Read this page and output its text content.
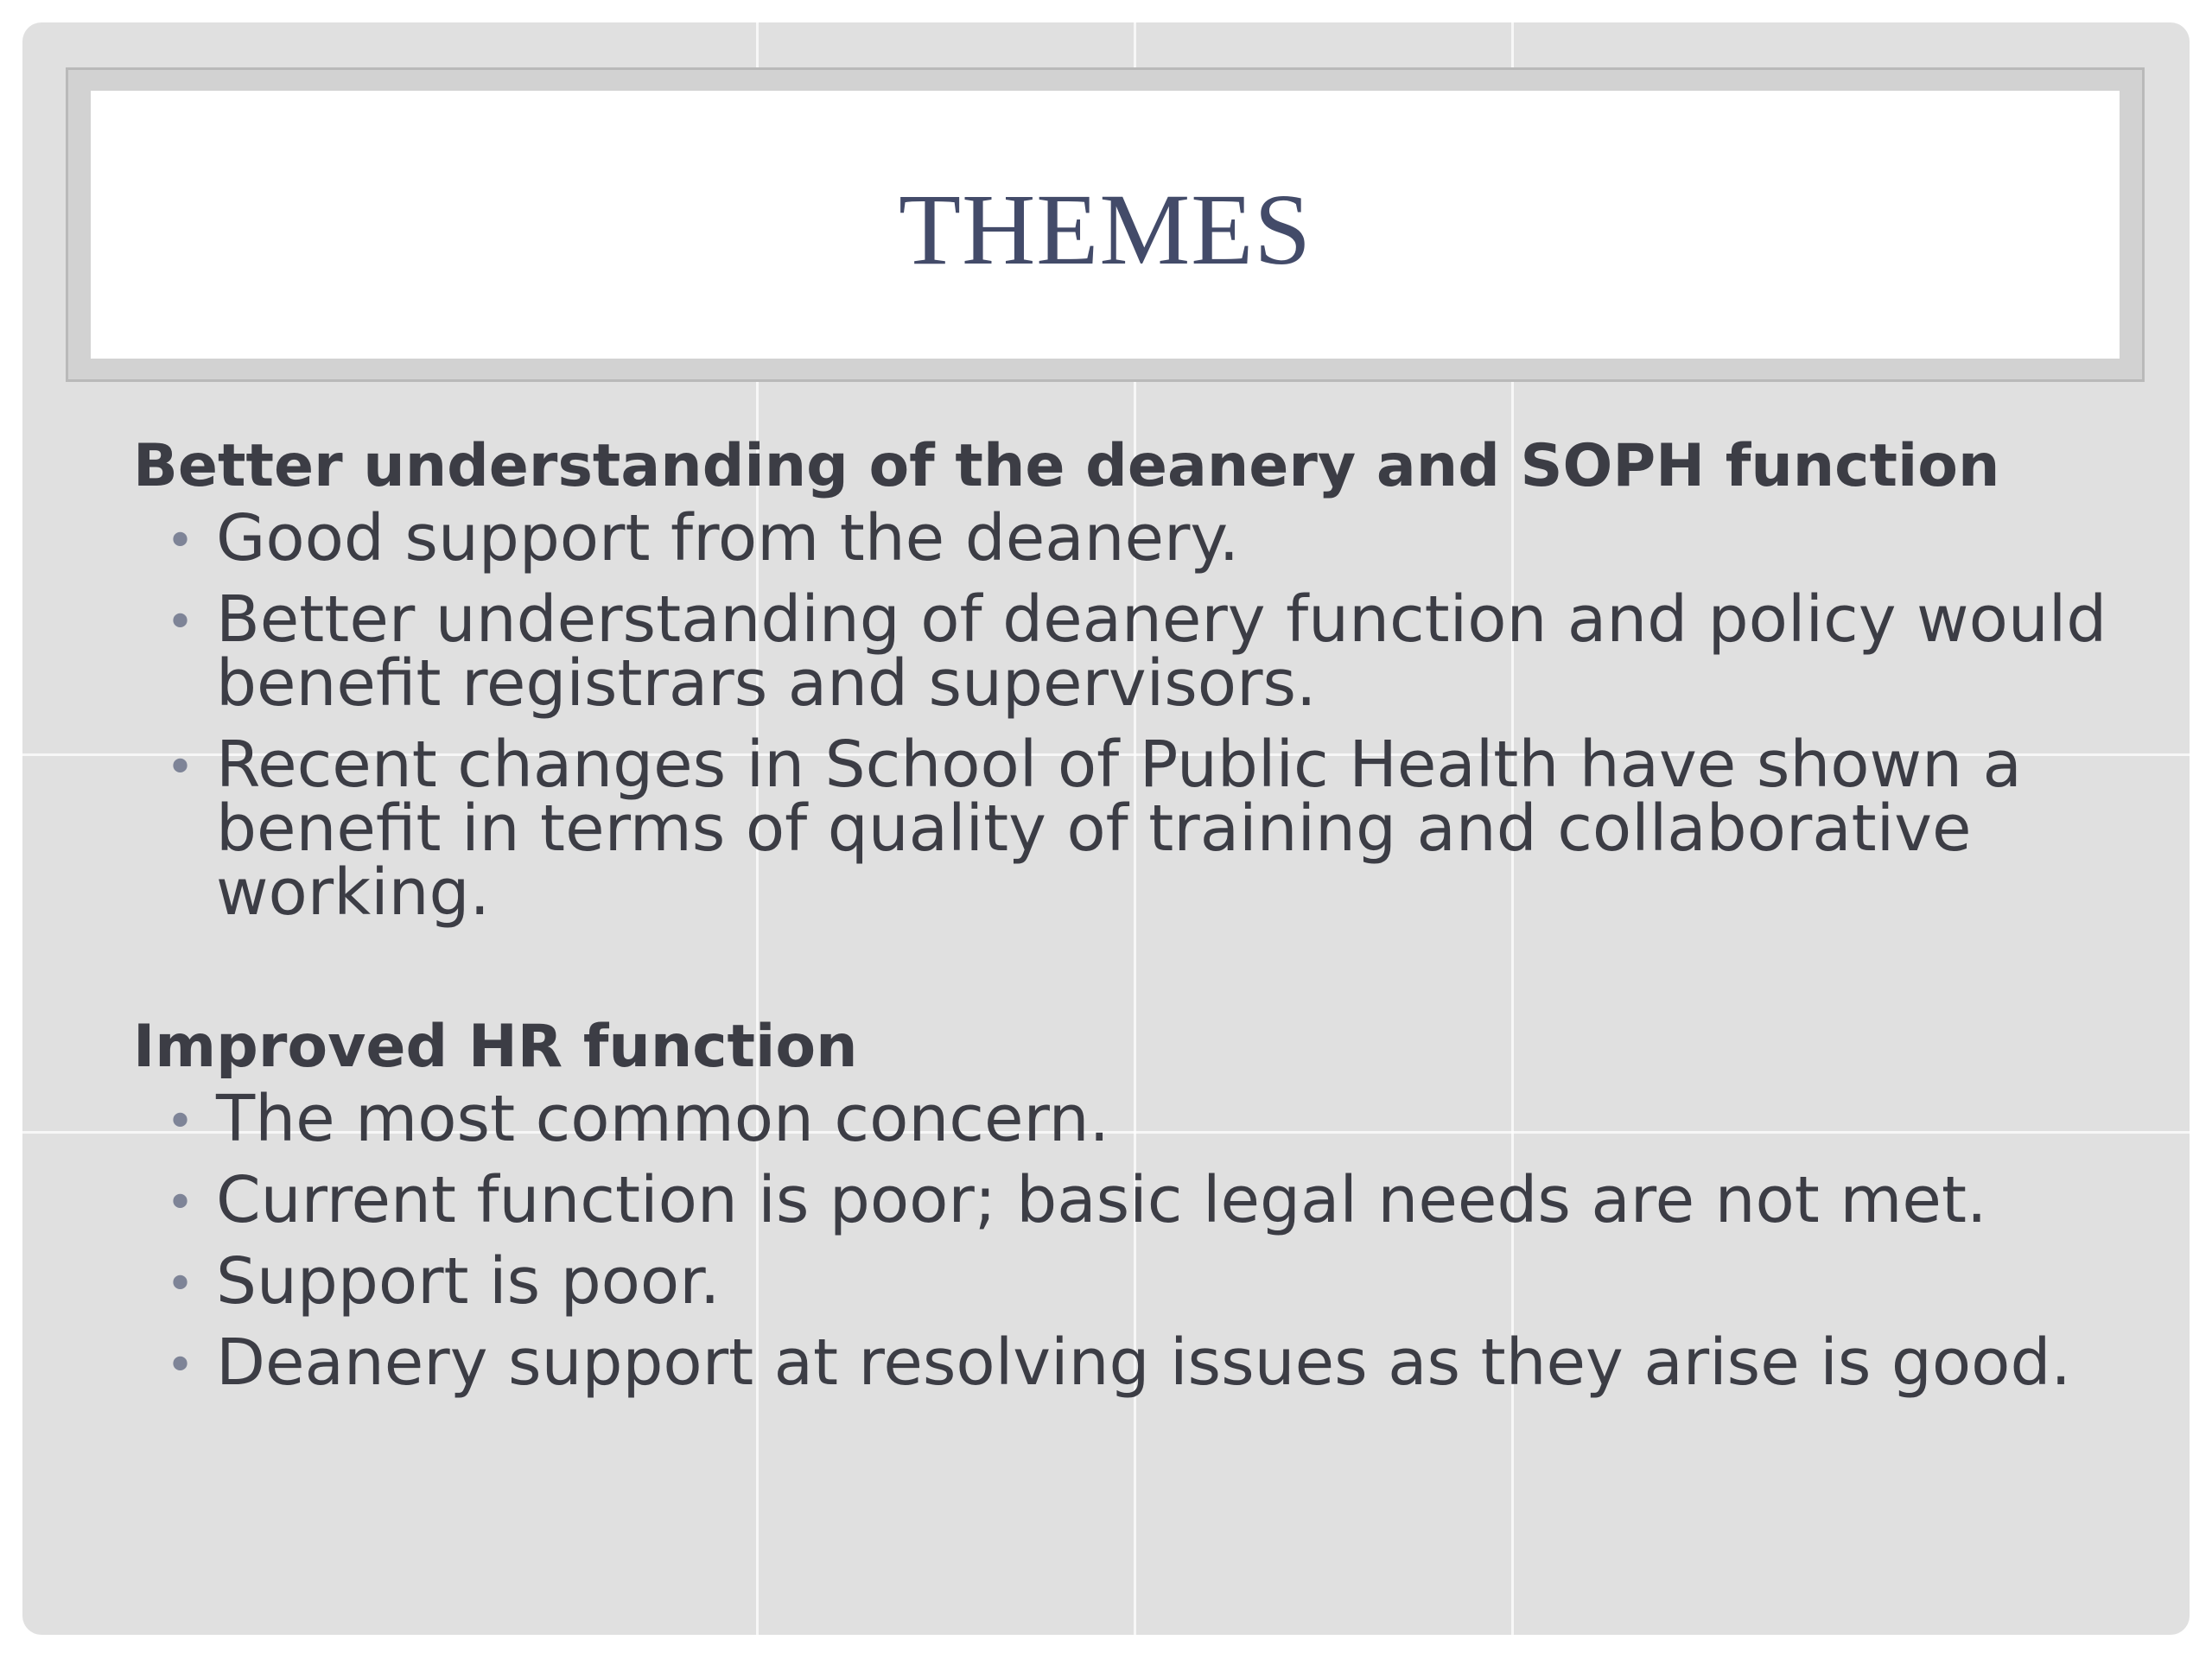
THEMES

Better understanding of the deanery and SOPH function

• Good support from the deanery.
• Better understanding of deanery function and policy would benefit registrars and supervisors.
• Recent changes in School of Public Health have shown a benefit in terms of quality of training and collaborative working.

Improved HR function

• The most common concern.
• Current function is poor; basic legal needs are not met.
• Support is poor.
• Deanery support at resolving issues as they arise is good.
